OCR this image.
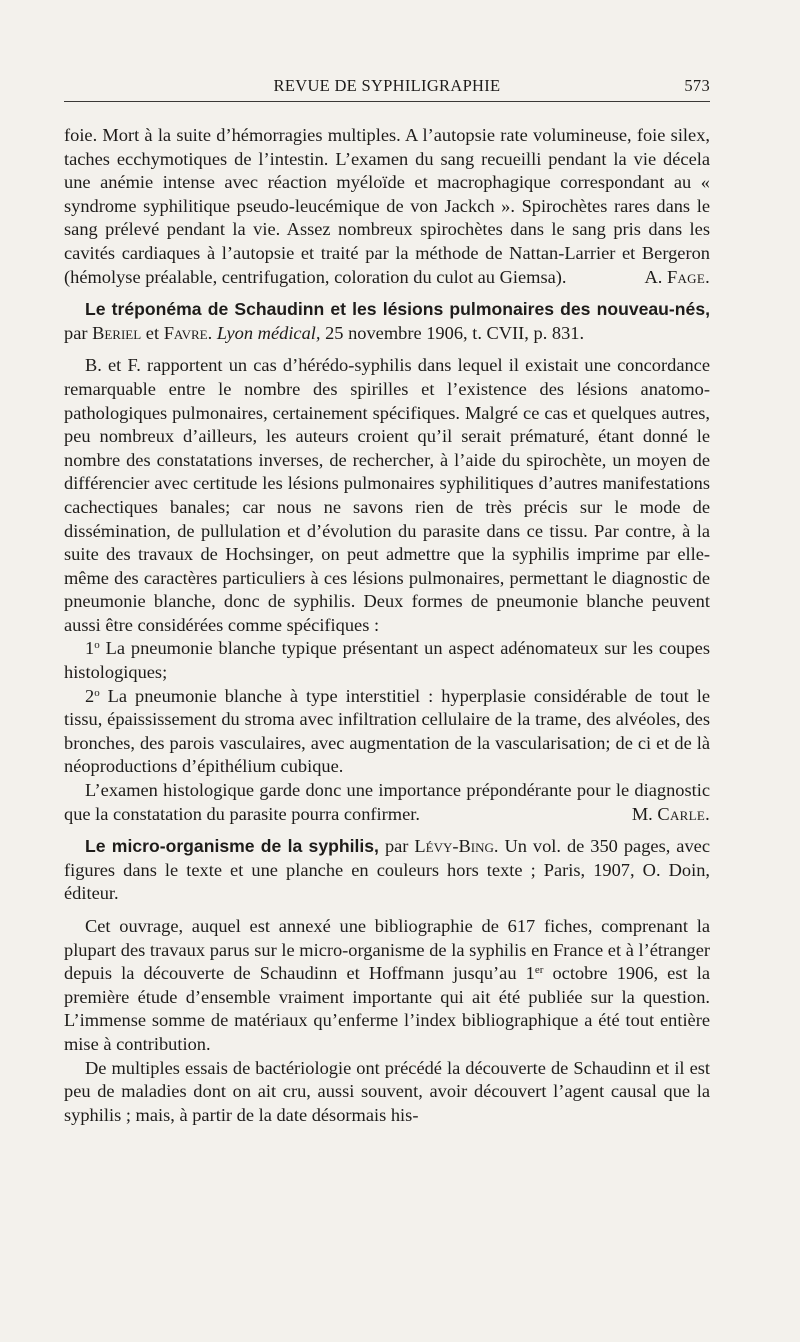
REVUE DE SYPHILIGRAPHIE	573

foie. Mort à la suite d’hémorragies multiples. A l’autopsie rate volumineuse, foie silex, taches ecchymotiques de l’intestin. L’examen du sang recueilli pendant la vie décela une anémie intense avec réaction myéloïde et macrophagique correspondant au « syndrome syphilitique pseudo-leucémique de von Jackch ». Spirochètes rares dans le sang prélevé pendant la vie. Assez nombreux spirochètes dans le sang pris dans les cavités cardiaques à l’autopsie et traité par la méthode de Nattan-Larrier et Bergeron (hémolyse préalable, centrifugation, coloration du culot au Giemsa).	A. Fage.

Le tréponéma de Schaudinn et les lésions pulmonaires des nouveau-nés, par Beriel et Favre. Lyon médical, 25 novembre 1906, t. CVII, p. 831.

B. et F. rapportent un cas d’hérédo-syphilis dans lequel il existait une concordance remarquable entre le nombre des spirilles et l’existence des lésions anatomo-pathologiques pulmonaires, certainement spécifiques. Malgré ce cas et quelques autres, peu nombreux d’ailleurs, les auteurs croient qu’il serait prématuré, étant donné le nombre des constatations inverses, de rechercher, à l’aide du spirochète, un moyen de différencier avec certitude les lésions pulmonaires syphilitiques d’autres manifestations cachectiques banales; car nous ne savons rien de très précis sur le mode de dissémination, de pullulation et d’évolution du parasite dans ce tissu. Par contre, à la suite des travaux de Hochsinger, on peut admettre que la syphilis imprime par elle-même des caractères particuliers à ces lésions pulmonaires, permettant le diagnostic de pneumonie blanche, donc de syphilis. Deux formes de pneumonie blanche peuvent aussi être considérées comme spécifiques :

1$^o$ La pneumonie blanche typique présentant un aspect adénomateux sur les coupes histologiques;

2$^o$ La pneumonie blanche à type interstitiel : hyperplasie considérable de tout le tissu, épaississement du stroma avec infiltration cellulaire de la trame, des alvéoles, des bronches, des parois vasculaires, avec augmentation de la vascularisation; de ci et de là néoproductions d’épithélium cubique.

L’examen histologique garde donc une importance prépondérante pour le diagnostic que la constatation du parasite pourra confirmer.	M. Carle.

Le micro-organisme de la syphilis, par Lévy-Bing. Un vol. de 350 pages, avec figures dans le texte et une planche en couleurs hors texte ; Paris, 1907, O. Doin, éditeur.

Cet ouvrage, auquel est annexé une bibliographie de 617 fiches, comprenant la plupart des travaux parus sur le micro-organisme de la syphilis en France et à l’étranger depuis la découverte de Schaudinn et Hoffmann jusqu’au 1er octobre 1906, est la première étude d’ensemble vraiment importante qui ait été publiée sur la question. L’immense somme de matériaux qu’enferme l’index bibliographique a été tout entière mise à contribution.

De multiples essais de bactériologie ont précédé la découverte de Schaudinn et il est peu de maladies dont on ait cru, aussi souvent, avoir découvert l’agent causal que la syphilis ; mais, à partir de la date désormais his-
